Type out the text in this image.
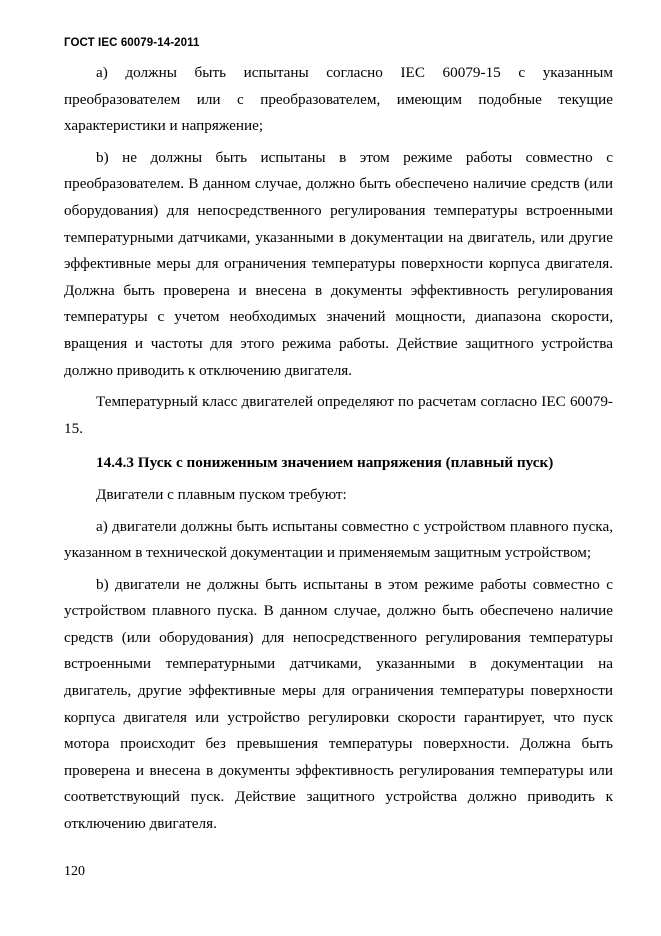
ГОСТ IEC 60079-14-2011

a) должны быть испытаны согласно IEC 60079-15 с указанным преобразователем или с преобразователем, имеющим подобные текущие характеристики и напряжение;

b) не должны быть испытаны в этом режиме работы совместно с преобразователем. В данном случае, должно быть обеспечено наличие средств (или оборудования) для непосредственного регулирования температуры встроенными температурными датчиками, указанными в документации на двигатель, или другие эффективные меры для ограничения температуры поверхности корпуса двигателя. Должна быть проверена и внесена в документы эффективность регулирования температуры с учетом необходимых значений мощности, диапазона скорости, вращения и частоты для этого режима работы. Действие защитного устройства должно приводить к отключению двигателя.

Температурный класс двигателей определяют по расчетам согласно IEC 60079-15.

14.4.3 Пуск с пониженным значением напряжения (плавный пуск)

Двигатели с плавным пуском требуют:

a) двигатели должны быть испытаны совместно с устройством плавного пуска, указанном в технической документации и применяемым защитным устройством;

b) двигатели не должны быть испытаны в этом режиме работы совместно с устройством плавного пуска. В данном случае, должно быть обеспечено наличие средств (или оборудования) для непосредственного регулирования температуры встроенными температурными датчиками, указанными в документации на двигатель, другие эффективные меры для ограничения температуры поверхности корпуса двигателя или устройство регулировки скорости гарантирует, что пуск мотора происходит без превышения температуры поверхности. Должна быть проверена и внесена в документы эффективность регулирования температуры или соответствующий пуск. Действие защитного устройства должно приводить к отключению двигателя.

120
